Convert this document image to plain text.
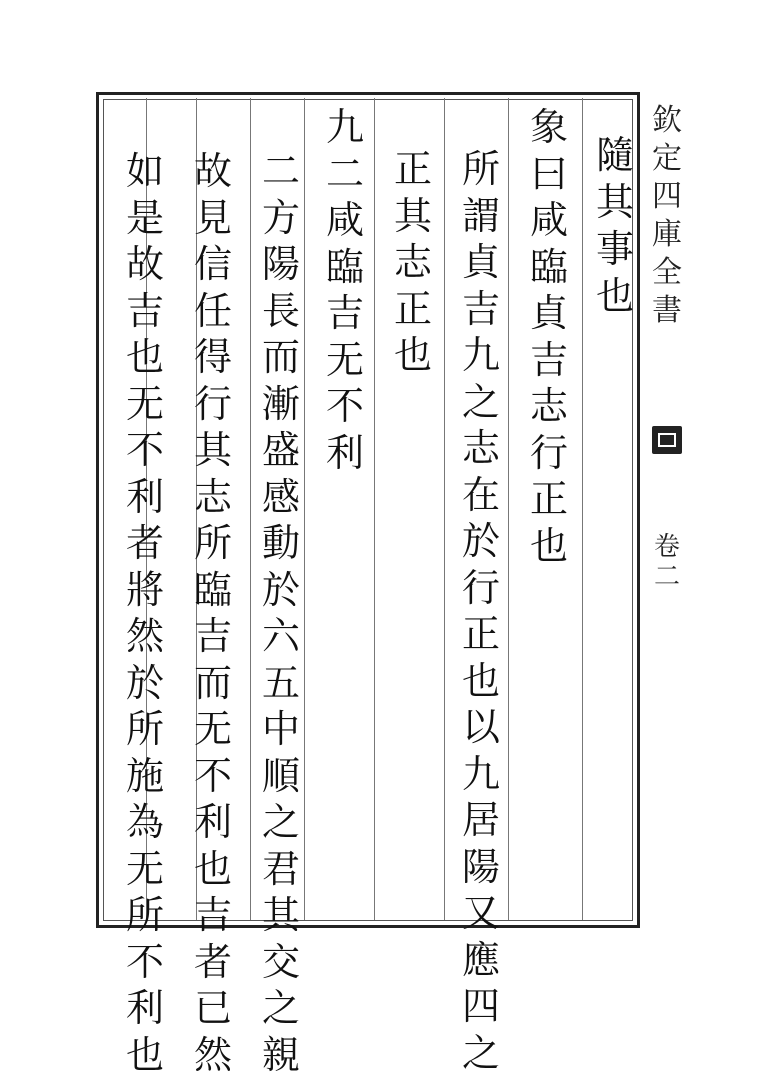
隨其事也
象曰咸臨貞吉志行正也
所謂貞吉九之志在於行正也以九居陽又應四之
正其志正也
九二咸臨吉无不利
二方陽長而漸盛感動於六五中順之君其交之親
故見信任得行其志所臨吉而无不利也吉者已然
如是故吉也无不利者將然於所施為无所不利也
欽定四庫全書
卷二
